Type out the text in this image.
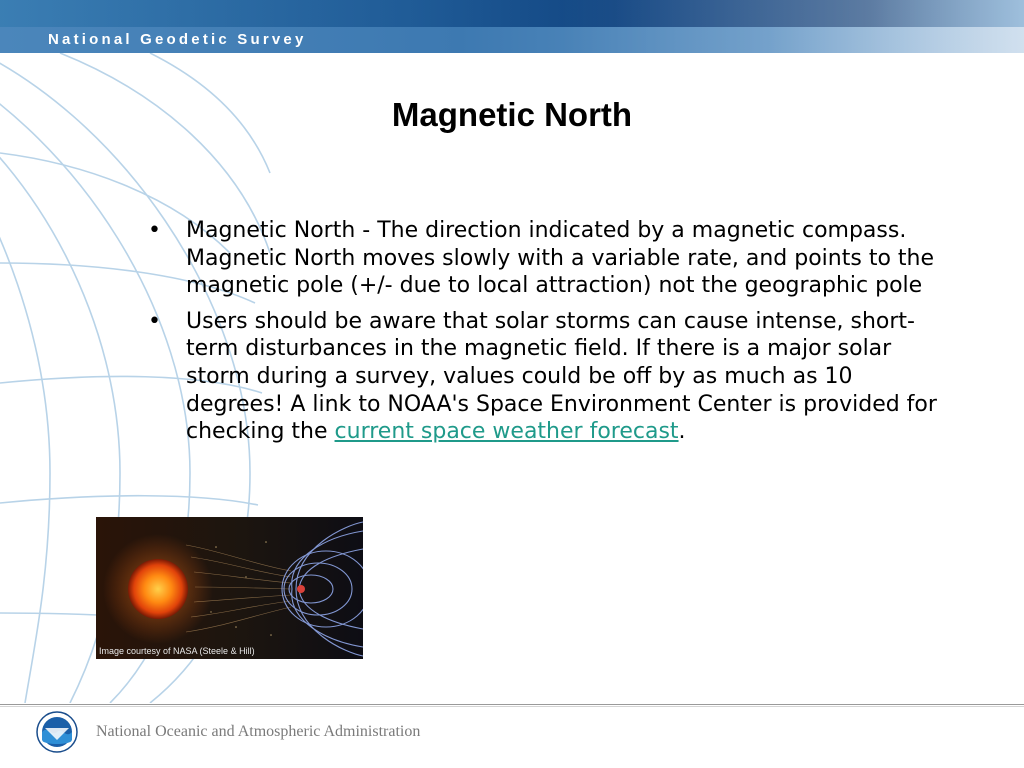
National Geodetic Survey
Magnetic North
• Magnetic North - The direction indicated by a magnetic compass. Magnetic North moves slowly with a variable rate, and points to the magnetic pole (+/- due to local attraction) not the geographic pole
• Users should be aware that solar storms can cause intense, short-term disturbances in the magnetic field. If there is a major solar storm during a survey, values could be off by as much as 10 degrees! A link to NOAA's Space Environment Center is provided for checking the current space weather forecast.
Image courtesy of NASA (Steele & Hill)
National Oceanic and Atmospheric Administration
